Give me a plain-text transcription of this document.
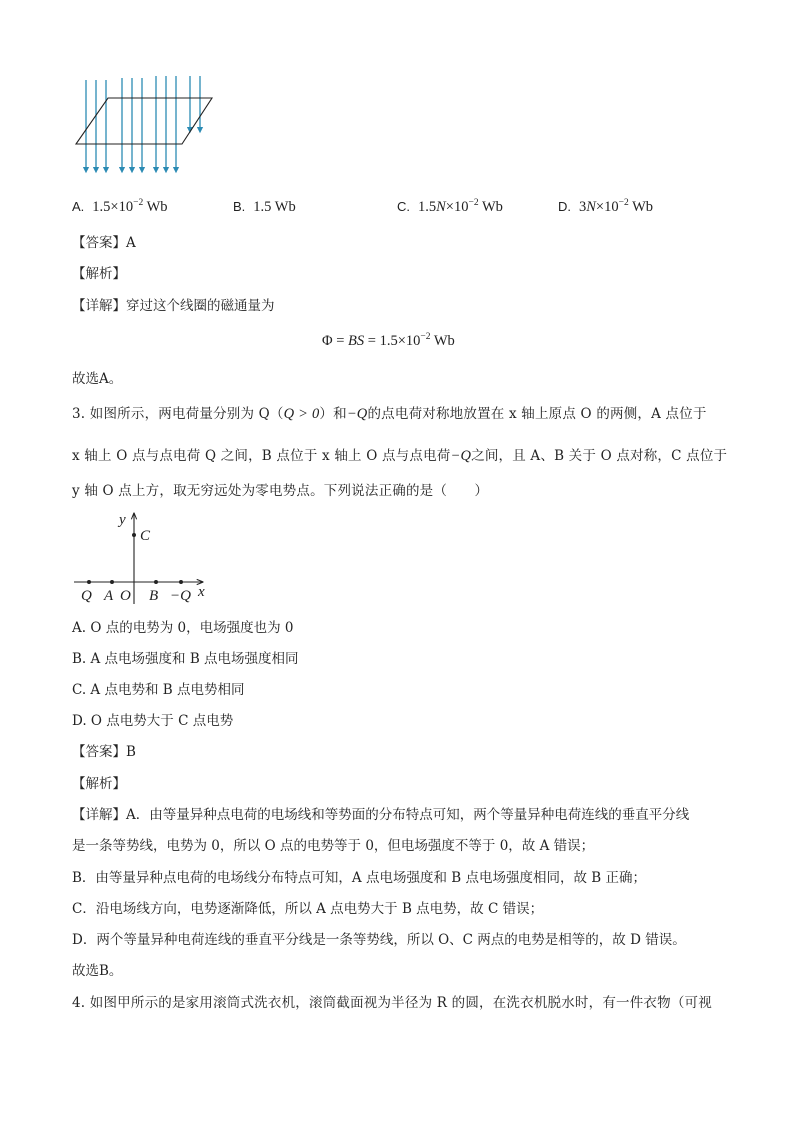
A. $1.5\times 10^{-2}$ Wb	B. 1.5 Wb	C. $1.5N\times 10^{-2}$ Wb	D. $3N\times 10^{-2}$ Wb
【答案】A
【解析】
【详解】穿过这个线圈的磁通量为
Φ = BS = $1.5\times 10^{-2}$ Wb
故选A。
3. 如图所示，两电荷量分别为 Q（Q > 0）和−Q的点电荷对称地放置在 x 轴上原点 O 的两侧，A 点位于
x 轴上 O 点与点电荷 Q 之间，B 点位于 x 轴上 O 点与点电荷−Q之间，且 A、B 关于 O 点对称，C 点位于
y 轴 O 点上方，取无穷远处为零电势点。下列说法正确的是（　　）
y
C
Q A O B −Q x
A. O 点的电势为 0，电场强度也为 0
B. A 点电场强度和 B 点电场强度相同
C. A 点电势和 B 点电势相同
D. O 点电势大于 C 点电势
【答案】B
【解析】
【详解】A．由等量异种点电荷的电场线和等势面的分布特点可知，两个等量异种电荷连线的垂直平分线
是一条等势线，电势为 0，所以 O 点的电势等于 0，但电场强度不等于 0，故 A 错误；
B．由等量异种点电荷的电场线分布特点可知，A 点电场强度和 B 点电场强度相同，故 B 正确；
C．沿电场线方向，电势逐渐降低，所以 A 点电势大于 B 点电势，故 C 错误；
D．两个等量异种电荷连线的垂直平分线是一条等势线，所以 O、C 两点的电势是相等的，故 D 错误。
故选B。
4. 如图甲所示的是家用滚筒式洗衣机，滚筒截面视为半径为 R 的圆，在洗衣机脱水时，有一件衣物（可视
